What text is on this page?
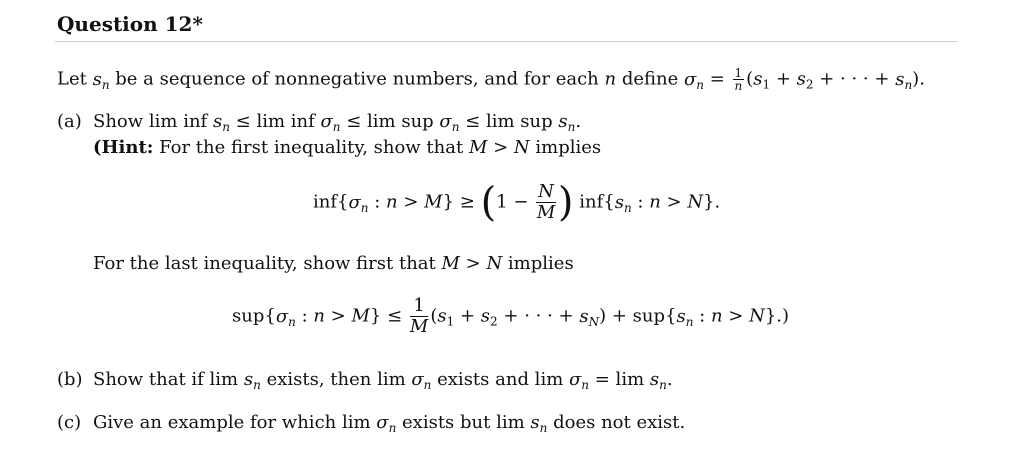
Question 12*
Let $s_n$ be a sequence of nonnegative numbers, and for each n define $\sigma_n = \frac{1}{n} (s_1 + s_2$ + · · · + $s_n$).
(a) Show lim inf $s_n \le \lim$ inf $\sigma_n \le \lim$ sup $\sigma_n \le \lim$ sup $s_n$.
(Hint: For the first inequality, show that M > N implies
$inf\{\sigma_n$ : $n > M\} \ge (1 - \frac{N}{M}$ ) $inf\{s_n$ : n > N}.
For the last inequality, show first that M > N implies
$sup\{\sigma_n$ : $n > M\} \le \frac{1}{M} (s_1 + s_2$ + · · · + $s_N) + sup\{s_n$ : n > N}.)
(b) Show that if $\lim s_n$ exists, then $\lim \sigma_n$ exists and $\lim \sigma_n = \lim s_n$.
(c) Give an example for which $\lim \sigma_n$ exists but $\lim s_n$ does not exist.
